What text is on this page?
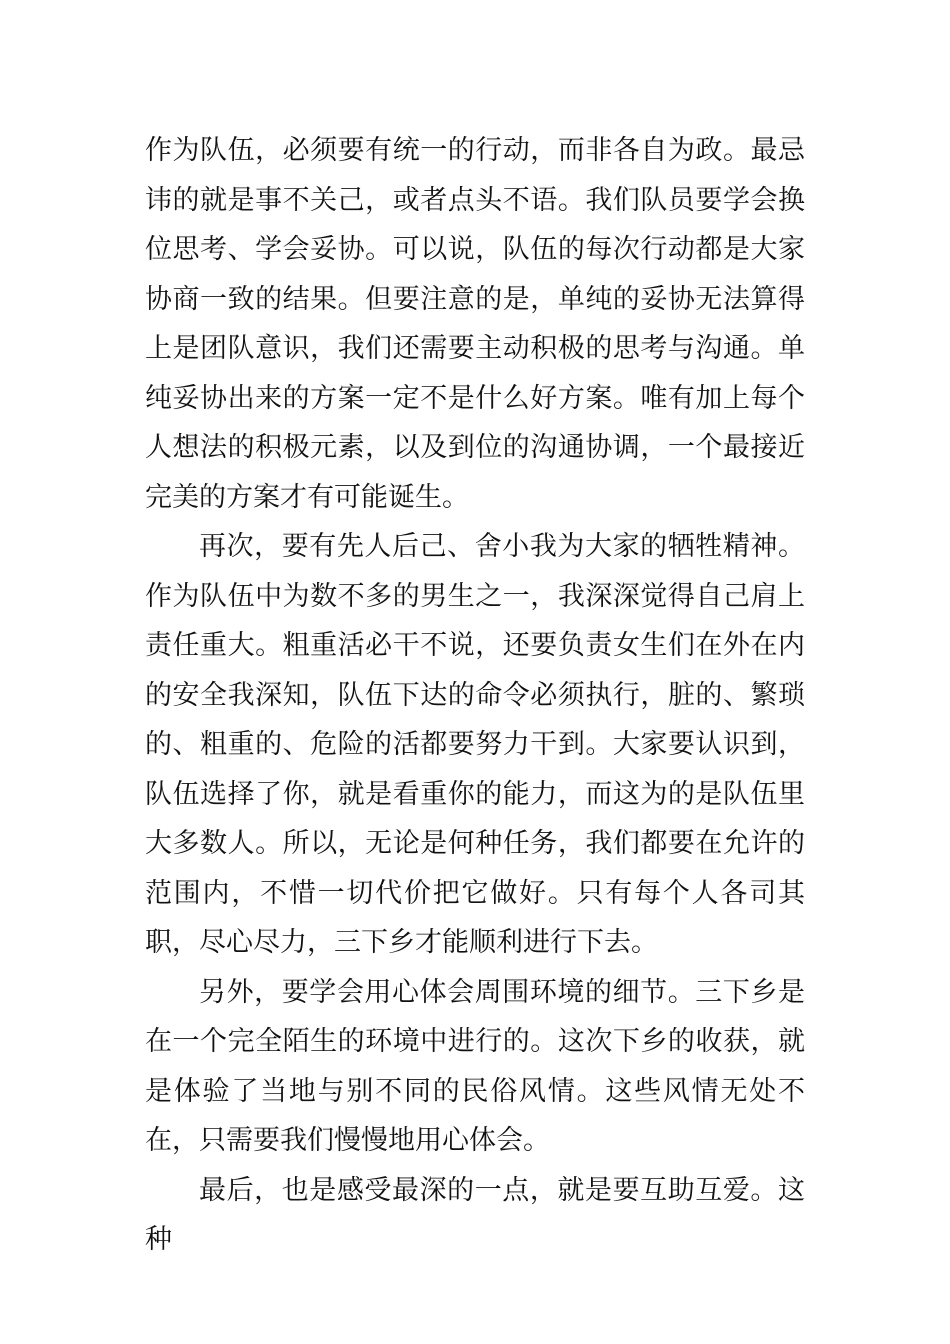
作为队伍，必须要有统一的行动，而非各自为政。最忌讳的就是事不关己，或者点头不语。我们队员要学会换位思考、学会妥协。可以说，队伍的每次行动都是大家协商一致的结果。但要注意的是，单纯的妥协无法算得上是团队意识，我们还需要主动积极的思考与沟通。单纯妥协出来的方案一定不是什么好方案。唯有加上每个人想法的积极元素，以及到位的沟通协调，一个最接近完美的方案才有可能诞生。

再次，要有先人后己、舍小我为大家的牺牲精神。作为队伍中为数不多的男生之一，我深深觉得自己肩上责任重大。粗重活必干不说，还要负责女生们在外在内的安全我深知，队伍下达的命令必须执行，脏的、繁琐的、粗重的、危险的活都要努力干到。大家要认识到，队伍选择了你，就是看重你的能力，而这为的是队伍里大多数人。所以，无论是何种任务，我们都要在允许的范围内，不惜一切代价把它做好。只有每个人各司其职，尽心尽力，三下乡才能顺利进行下去。

另外，要学会用心体会周围环境的细节。三下乡是在一个完全陌生的环境中进行的。这次下乡的收获，就是体验了当地与别不同的民俗风情。这些风情无处不在，只需要我们慢慢地用心体会。

最后，也是感受最深的一点，就是要互助互爱。这种
